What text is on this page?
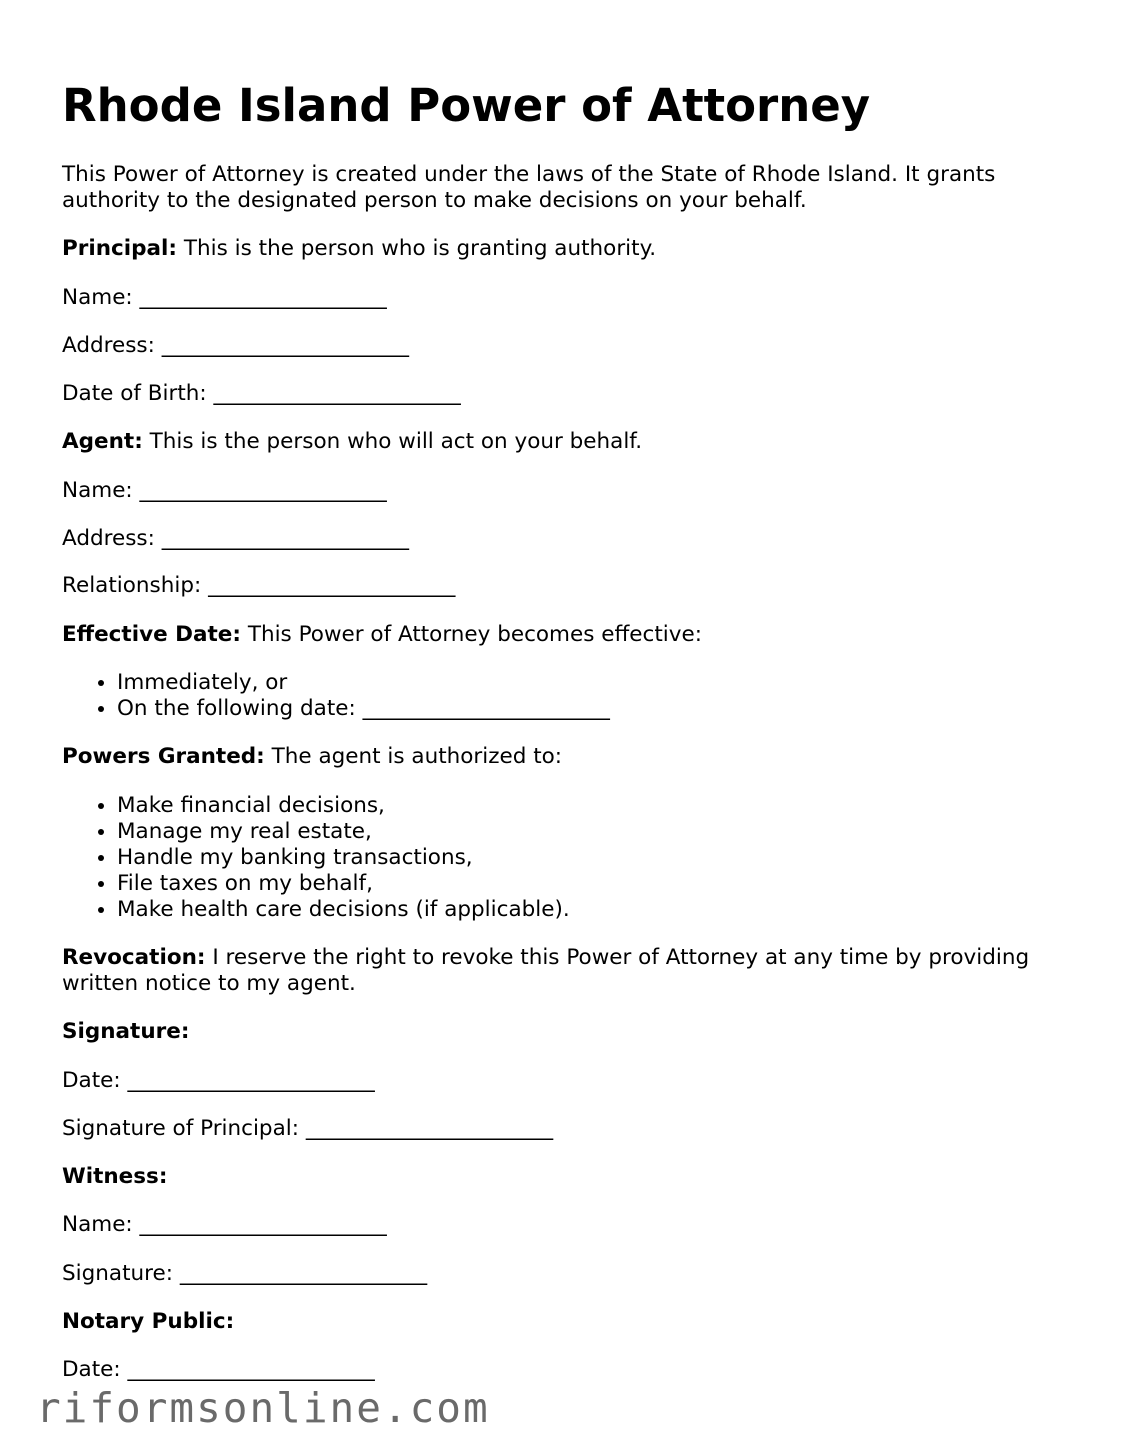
Rhode Island Power of Attorney

This Power of Attorney is created under the laws of the State of Rhode Island. It grants authority to the designated person to make decisions on your behalf.

Principal: This is the person who is granting authority.

Name: _______________________

Address: _______________________

Date of Birth: _______________________

Agent: This is the person who will act on your behalf.

Name: _______________________

Address: _______________________

Relationship: _______________________

Effective Date: This Power of Attorney becomes effective:

• Immediately, or
• On the following date: _______________________

Powers Granted: The agent is authorized to:

• Make financial decisions,
• Manage my real estate,
• Handle my banking transactions,
• File taxes on my behalf,
• Make health care decisions (if applicable).

Revocation: I reserve the right to revoke this Power of Attorney at any time by providing written notice to my agent.

Signature:

Date: _______________________

Signature of Principal: _______________________

Witness:

Name: _______________________

Signature: _______________________

Notary Public:

Date: _______________________

riformsonline.com
